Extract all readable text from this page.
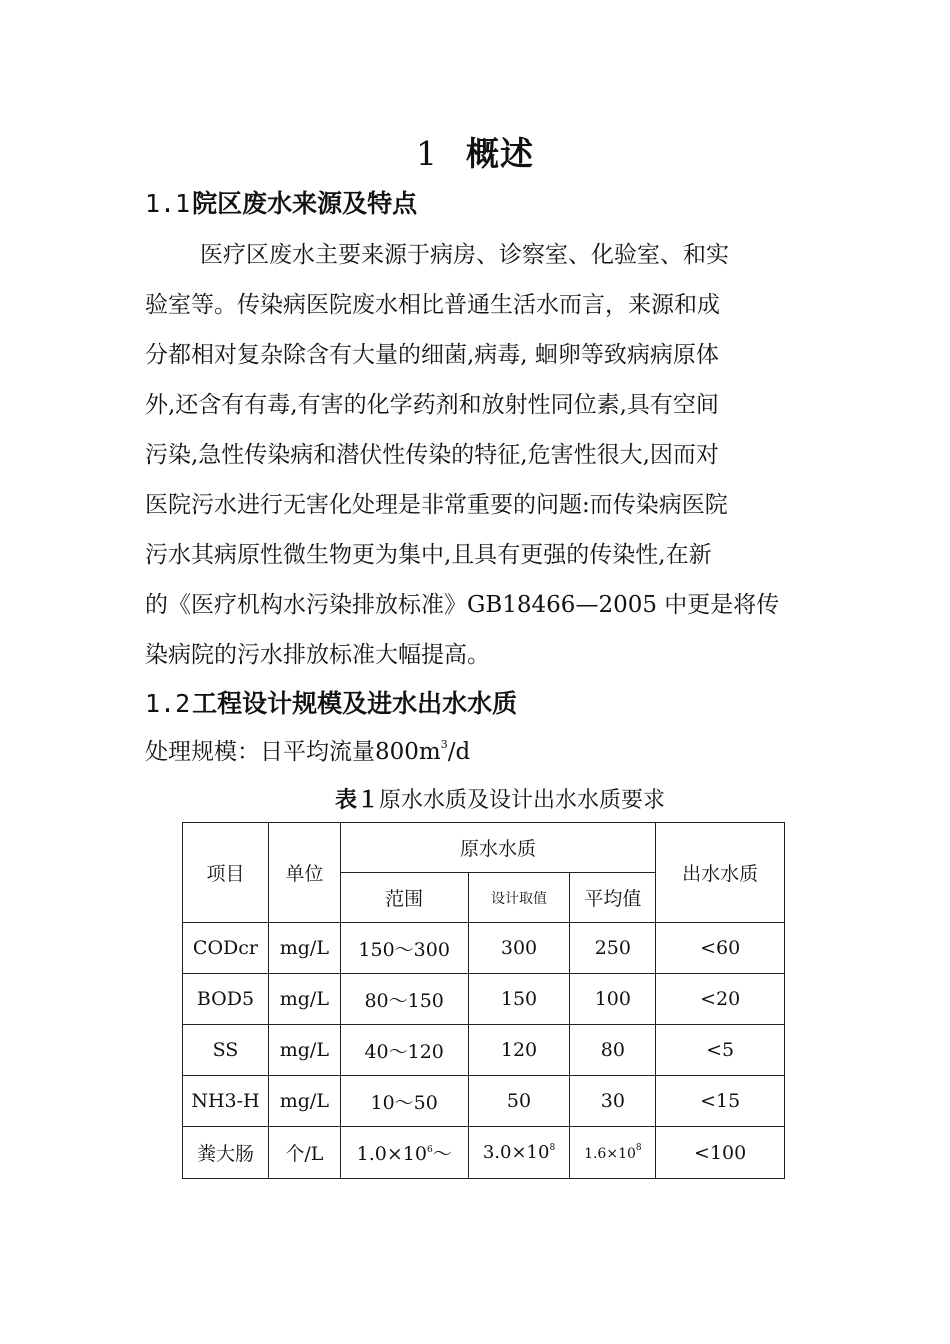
1 概述
1.1院区废水来源及特点
医疗区废水主要来源于病房、诊察室、化验室、和实
验室等。传染病医院废水相比普通生活水而言，来源和成
分都相对复杂除含有大量的细菌,病毒, 蛔卵等致病病原体
外,还含有有毒,有害的化学药剂和放射性同位素,具有空间
污染,急性传染病和潜伏性传染的特征,危害性很大,因而对
医院污水进行无害化处理是非常重要的问题:而传染病医院
污水其病原性微生物更为集中,且具有更强的传染性,在新
的《医疗机构水污染排放标准》GB18466—2005 中更是将传
染病院的污水排放标准大幅提高。
1.2工程设计规模及进水出水水质
处理规模：日平均流量$800m^3/d$
表１原水水质及设计出水水质要求
项目	单位	原水水质			出水水质
		范围	设计取值	平均值	
CODcr	mg/L	150～300	300	250	<60
BOD5	mg/L	80～150	150	100	<20
SS	mg/L	40～120	120	80	<5
NH3-H	mg/L	10～50	50	30	<15
粪大肠	个/L	$1.0\times 10^6\sim$	$3.0\times 10^8$	$1.6\times 10^8$	<100
